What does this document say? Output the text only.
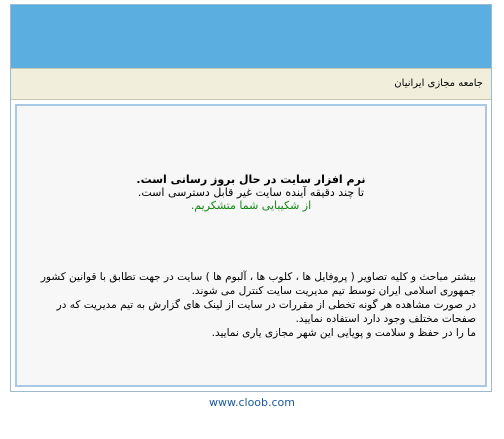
جامعه مجازی ایرانیان
نرم افزار سایت در حال بروز رسانی است.
تا چند دقیقه آینده سایت غیر قابل دسترسی است.
از شکیبایی شما متشکریم.

بیشتر مباحث و کلیه تصاویر ( پروفایل ها ، کلوب ها ، آلبوم ها ) سایت در جهت تطابق با قوانین کشور جمهوری اسلامی ایران توسط تیم مدیریت سایت کنترل می شوند.

در صورت مشاهده هر گونه تخطی از مقررات در سایت از لینک های گزارش به تیم مدیریت که در صفحات مختلف وجود دارد استفاده نمایید.

ما را در حفظ و سلامت و پویایی این شهر مجازی یاری نمایید.

www.cloob.com
